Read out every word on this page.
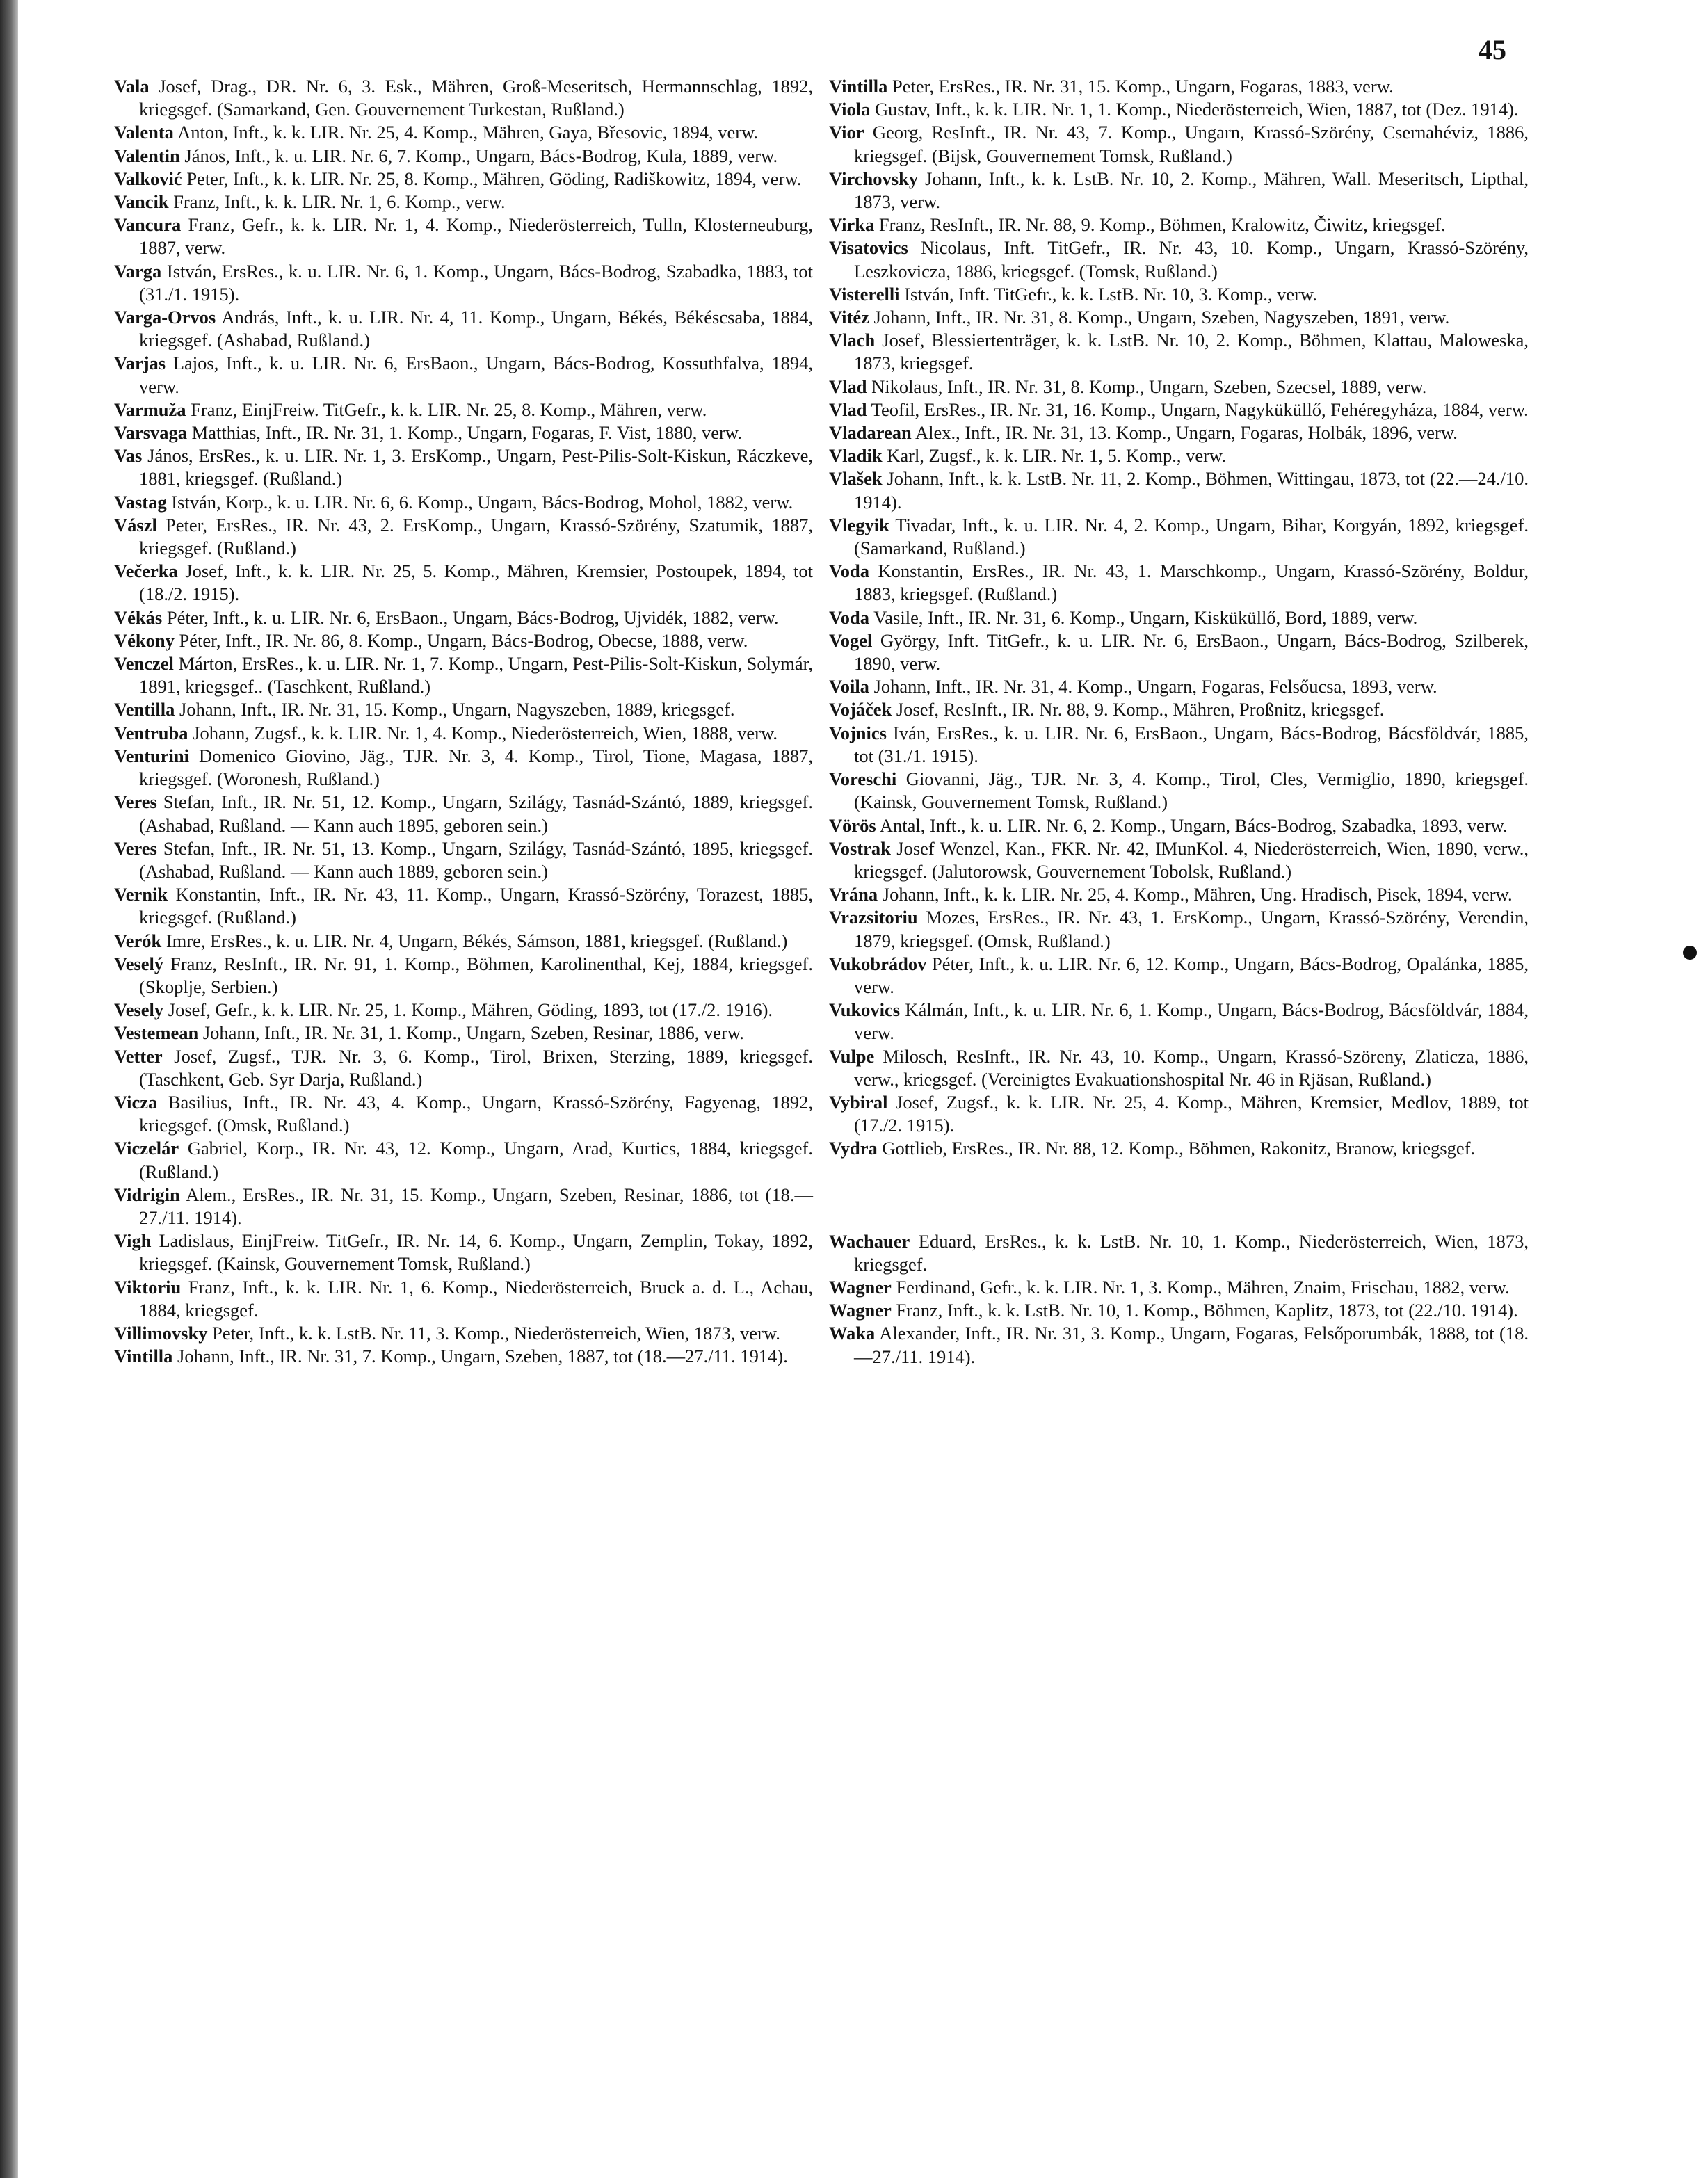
45

Vala Josef, Drag., DR. Nr. 6, 3. Esk., Mähren, Groß-Meseritsch, Hermannschlag, 1892, kriegsgef. (Samarkand, Gen. Gouvernement Turkestan, Rußland.)

Valenta Anton, Inft., k. k. LIR. Nr. 25, 4. Komp., Mähren, Gaya, Břesovic, 1894, verw.

Valentin János, Inft., k. u. LIR. Nr. 6, 7. Komp., Ungarn, Bács-Bodrog, Kula, 1889, verw.

Valković Peter, Inft., k. k. LIR. Nr. 25, 8. Komp., Mähren, Göding, Radiškowitz, 1894, verw.

Vancik Franz, Inft., k. k. LIR. Nr. 1, 6. Komp., verw.

Vancura Franz, Gefr., k. k. LIR. Nr. 1, 4. Komp., Niederösterreich, Tulln, Klosterneuburg, 1887, verw.

Varga István, ErsRes., k. u. LIR. Nr. 6, 1. Komp., Ungarn, Bács-Bodrog, Szabadka, 1883, tot (31./1. 1915).

Varga-Orvos András, Inft., k. u. LIR. Nr. 4, 11. Komp., Ungarn, Békés, Békéscsaba, 1884, kriegsgef. (Ashabad, Rußland.)

Varjas Lajos, Inft., k. u. LIR. Nr. 6, ErsBaon., Ungarn, Bács-Bodrog, Kossuthfalva, 1894, verw.

Varmuža Franz, EinjFreiw. TitGefr., k. k. LIR. Nr. 25, 8. Komp., Mähren, verw.

Varsvaga Matthias, Inft., IR. Nr. 31, 1. Komp., Ungarn, Fogaras, F. Vist, 1880, verw.

Vas János, ErsRes., k. u. LIR. Nr. 1, 3. ErsKomp., Ungarn, Pest-Pilis-Solt-Kiskun, Ráczkeve, 1881, kriegsgef. (Rußland.)

Vastag István, Korp., k. u. LIR. Nr. 6, 6. Komp., Ungarn, Bács-Bodrog, Mohol, 1882, verw.

Vászl Peter, ErsRes., IR. Nr. 43, 2. ErsKomp., Ungarn, Krassó-Szörény, Szatumik, 1887, kriegsgef. (Rußland.)

Večerka Josef, Inft., k. k. LIR. Nr. 25, 5. Komp., Mähren, Kremsier, Postoupek, 1894, tot (18./2. 1915).

Vékás Péter, Inft., k. u. LIR. Nr. 6, ErsBaon., Ungarn, Bács-Bodrog, Ujvidék, 1882, verw.

Vékony Péter, Inft., IR. Nr. 86, 8. Komp., Ungarn, Bács-Bodrog, Obecse, 1888, verw.

Venczel Márton, ErsRes., k. u. LIR. Nr. 1, 7. Komp., Ungarn, Pest-Pilis-Solt-Kiskun, Solymár, 1891, kriegsgef.. (Taschkent, Rußland.)

Ventilla Johann, Inft., IR. Nr. 31, 15. Komp., Ungarn, Nagyszeben, 1889, kriegsgef.

Ventruba Johann, Zugsf., k. k. LIR. Nr. 1, 4. Komp., Niederösterreich, Wien, 1888, verw.

Venturini Domenico Giovino, Jäg., TJR. Nr. 3, 4. Komp., Tirol, Tione, Magasa, 1887, kriegsgef. (Woronesh, Rußland.)

Veres Stefan, Inft., IR. Nr. 51, 12. Komp., Ungarn, Szilágy, Tasnád-Szántó, 1889, kriegsgef. (Ashabad, Rußland. — Kann auch 1895, geboren sein.)

Veres Stefan, Inft., IR. Nr. 51, 13. Komp., Ungarn, Szilágy, Tasnád-Szántó, 1895, kriegsgef. (Ashabad, Rußland. — Kann auch 1889, geboren sein.)

Vernik Konstantin, Inft., IR. Nr. 43, 11. Komp., Ungarn, Krassó-Szörény, Torazest, 1885, kriegsgef. (Rußland.)

Verók Imre, ErsRes., k. u. LIR. Nr. 4, Ungarn, Békés, Sámson, 1881, kriegsgef. (Rußland.)

Veselý Franz, ResInft., IR. Nr. 91, 1. Komp., Böhmen, Karolinenthal, Kej, 1884, kriegsgef. (Skoplje, Serbien.)

Vesely Josef, Gefr., k. k. LIR. Nr. 25, 1. Komp., Mähren, Göding, 1893, tot (17./2. 1916).

Vestemean Johann, Inft., IR. Nr. 31, 1. Komp., Ungarn, Szeben, Resinar, 1886, verw.

Vetter Josef, Zugsf., TJR. Nr. 3, 6. Komp., Tirol, Brixen, Sterzing, 1889, kriegsgef. (Taschkent, Geb. Syr Darja, Rußland.)

Vicza Basilius, Inft., IR. Nr. 43, 4. Komp., Ungarn, Krassó-Szörény, Fagyenag, 1892, kriegsgef. (Omsk, Rußland.)

Viczelár Gabriel, Korp., IR. Nr. 43, 12. Komp., Ungarn, Arad, Kurtics, 1884, kriegsgef. (Rußland.)

Vidrigin Alem., ErsRes., IR. Nr. 31, 15. Komp., Ungarn, Szeben, Resinar, 1886, tot (18.—27./11. 1914).

Vigh Ladislaus, EinjFreiw. TitGefr., IR. Nr. 14, 6. Komp., Ungarn, Zemplin, Tokay, 1892, kriegsgef. (Kainsk, Gouvernement Tomsk, Rußland.)

Viktoriu Franz, Inft., k. k. LIR. Nr. 1, 6. Komp., Niederösterreich, Bruck a. d. L., Achau, 1884, kriegsgef.

Villimovsky Peter, Inft., k. k. LstB. Nr. 11, 3. Komp., Niederösterreich, Wien, 1873, verw.

Vintilla Johann, Inft., IR. Nr. 31, 7. Komp., Ungarn, Szeben, 1887, tot (18.—27./11. 1914).

Vintilla Peter, ErsRes., IR. Nr. 31, 15. Komp., Ungarn, Fogaras, 1883, verw.

Viola Gustav, Inft., k. k. LIR. Nr. 1, 1. Komp., Niederösterreich, Wien, 1887, tot (Dez. 1914).

Vior Georg, ResInft., IR. Nr. 43, 7. Komp., Ungarn, Krassó-Szörény, Csernahéviz, 1886, kriegsgef. (Bijsk, Gouvernement Tomsk, Rußland.)

Virchovsky Johann, Inft., k. k. LstB. Nr. 10, 2. Komp., Mähren, Wall. Meseritsch, Lipthal, 1873, verw.

Virka Franz, ResInft., IR. Nr. 88, 9. Komp., Böhmen, Kralowitz, Čiwitz, kriegsgef.

Visatovics Nicolaus, Inft. TitGefr., IR. Nr. 43, 10. Komp., Ungarn, Krassó-Szörény, Leszkovicza, 1886, kriegsgef. (Tomsk, Rußland.)

Visterelli István, Inft. TitGefr., k. k. LstB. Nr. 10, 3. Komp., verw.

Vitéz Johann, Inft., IR. Nr. 31, 8. Komp., Ungarn, Szeben, Nagyszeben, 1891, verw.

Vlach Josef, Blessiertenträger, k. k. LstB. Nr. 10, 2. Komp., Böhmen, Klattau, Maloweska, 1873, kriegsgef.

Vlad Nikolaus, Inft., IR. Nr. 31, 8. Komp., Ungarn, Szeben, Szecsel, 1889, verw.

Vlad Teofil, ErsRes., IR. Nr. 31, 16. Komp., Ungarn, Nagyküküllő, Fehéregyháza, 1884, verw.

Vladarean Alex., Inft., IR. Nr. 31, 13. Komp., Ungarn, Fogaras, Holbák, 1896, verw.

Vladik Karl, Zugsf., k. k. LIR. Nr. 1, 5. Komp., verw.

Vlašek Johann, Inft., k. k. LstB. Nr. 11, 2. Komp., Böhmen, Wittingau, 1873, tot (22.—24./10. 1914).

Vlegyik Tivadar, Inft., k. u. LIR. Nr. 4, 2. Komp., Ungarn, Bihar, Korgyán, 1892, kriegsgef. (Samarkand, Rußland.)

Voda Konstantin, ErsRes., IR. Nr. 43, 1. Marschkomp., Ungarn, Krassó-Szörény, Boldur, 1883, kriegsgef. (Rußland.)

Voda Vasile, Inft., IR. Nr. 31, 6. Komp., Ungarn, Kisküküllő, Bord, 1889, verw.

Vogel György, Inft. TitGefr., k. u. LIR. Nr. 6, ErsBaon., Ungarn, Bács-Bodrog, Szilberek, 1890, verw.

Voila Johann, Inft., IR. Nr. 31, 4. Komp., Ungarn, Fogaras, Felsőucsa, 1893, verw.

Vojáček Josef, ResInft., IR. Nr. 88, 9. Komp., Mähren, Proßnitz, kriegsgef.

Vojnics Iván, ErsRes., k. u. LIR. Nr. 6, ErsBaon., Ungarn, Bács-Bodrog, Bácsföldvár, 1885, tot (31./1. 1915).

Voreschi Giovanni, Jäg., TJR. Nr. 3, 4. Komp., Tirol, Cles, Vermiglio, 1890, kriegsgef. (Kainsk, Gouvernement Tomsk, Rußland.)

Vörös Antal, Inft., k. u. LIR. Nr. 6, 2. Komp., Ungarn, Bács-Bodrog, Szabadka, 1893, verw.

Vostrak Josef Wenzel, Kan., FKR. Nr. 42, IMunKol. 4, Niederösterreich, Wien, 1890, verw., kriegsgef. (Jalutorowsk, Gouvernement Tobolsk, Rußland.)

Vrána Johann, Inft., k. k. LIR. Nr. 25, 4. Komp., Mähren, Ung. Hradisch, Pisek, 1894, verw.

Vrazsitoriu Mozes, ErsRes., IR. Nr. 43, 1. ErsKomp., Ungarn, Krassó-Szörény, Verendin, 1879, kriegsgef. (Omsk, Rußland.)

Vukobrádov Péter, Inft., k. u. LIR. Nr. 6, 12. Komp., Ungarn, Bács-Bodrog, Opalánka, 1885, verw.

Vukovics Kálmán, Inft., k. u. LIR. Nr. 6, 1. Komp., Ungarn, Bács-Bodrog, Bácsföldvár, 1884, verw.

Vulpe Milosch, ResInft., IR. Nr. 43, 10. Komp., Ungarn, Krassó-Szöreny, Zlaticza, 1886, verw., kriegsgef. (Vereinigtes Evakuationshospital Nr. 46 in Rjäsan, Rußland.)

Vybiral Josef, Zugsf., k. k. LIR. Nr. 25, 4. Komp., Mähren, Kremsier, Medlov, 1889, tot (17./2. 1915).

Vydra Gottlieb, ErsRes., IR. Nr. 88, 12. Komp., Böhmen, Rakonitz, Branow, kriegsgef.

Wachauer Eduard, ErsRes., k. k. LstB. Nr. 10, 1. Komp., Niederösterreich, Wien, 1873, kriegsgef.

Wagner Ferdinand, Gefr., k. k. LIR. Nr. 1, 3. Komp., Mähren, Znaim, Frischau, 1882, verw.

Wagner Franz, Inft., k. k. LstB. Nr. 10, 1. Komp., Böhmen, Kaplitz, 1873, tot (22./10. 1914).

Waka Alexander, Inft., IR. Nr. 31, 3. Komp., Ungarn, Fogaras, Felsőporumbák, 1888, tot (18.—27./11. 1914).
